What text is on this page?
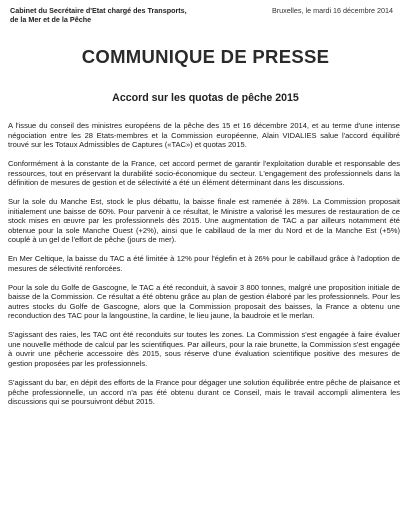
Cabinet du Secrétaire d'Etat chargé des Transports,
de la Mer et de la Pêche
Bruxelles, le mardi 16 décembre 2014
COMMUNIQUE DE PRESSE
Accord sur les quotas de pêche 2015

A l'issue du conseil des ministres européens de la pêche des 15 et 16 décembre 2014, et au terme d'une intense négociation entre les 28 Etats-membres et la Commission européenne, Alain VIDALIES salue l'accord équilibré trouvé sur les Totaux Admissibles de Captures («TAC») et quotas 2015.

Conformément à la constante de la France, cet accord permet de garantir l'exploitation durable et responsable des ressources, tout en préservant la durabilité socio-économique du secteur. L'engagement des professionnels dans la définition de mesures de gestion et de sélectivité a été un élément déterminant dans les discussions.

Sur la sole du Manche Est, stock le plus débattu, la baisse finale est ramenée à 28%. La Commission proposait initialement une baisse de 60%. Pour parvenir à ce résultat, le Ministre a valorisé les mesures de restauration de ce stock mises en œuvre par les professionnels dès 2015. Une augmentation de TAC a par ailleurs notamment été obtenue pour la sole Manche Ouest (+2%), ainsi que le cabillaud de la mer du Nord et de la Manche Est (+5%) couplé à un gel de l'effort de pêche (jours de mer).

En Mer Celtique, la baisse du TAC a été limitée à 12% pour l'églefin et à 26% pour le cabillaud grâce à l'adoption de mesures de sélectivité renforcées.

Pour la sole du Golfe de Gascogne, le TAC a été reconduit, à savoir 3 800 tonnes, malgré une proposition initiale de baisse de la Commission. Ce résultat a été obtenu grâce au plan de gestion élaboré par les professionnels. Pour les autres stocks du Golfe de Gascogne, alors que la Commission proposait des baisses, la France a obtenu une reconduction des TAC pour la langoustine, la cardine, le lieu jaune, la baudroie et le merlan.

S'agissant des raies, les TAC ont été reconduits sur toutes les zones. La Commission s'est engagée à faire évaluer une nouvelle méthode de calcul par les scientifiques. Par ailleurs, pour la raie brunette, la Commission s'est engagée à ouvrir une pêcherie accessoire dès 2015, sous réserve d'une évaluation scientifique positive des mesures de gestion proposées par les professionnels.

S'agissant du bar, en dépit des efforts de la France pour dégager une solution équilibrée entre pêche de plaisance et pêche professionnelle, un accord n'a pas été obtenu durant ce Conseil, mais le travail accompli alimentera les discussions qui se poursuivront début 2015.
